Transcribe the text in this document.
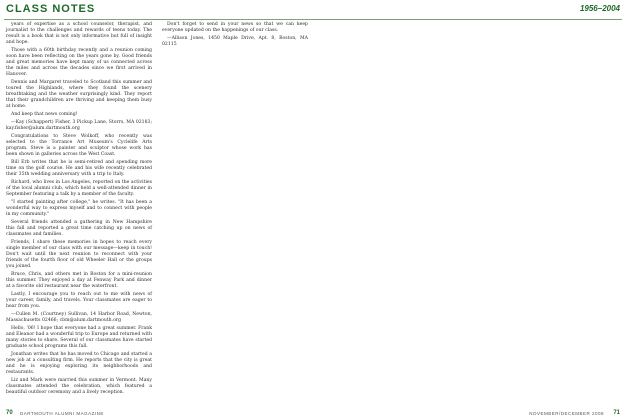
CLASS NOTES	1956–2004

years of expertise as a school counselor, therapist, and journalist to the challenges and rewards of teens today. The result is a book that is not only informative but full of insight and hope.

Those with a 60th birthday recently and a reunion coming soon have been reflecting on the years gone by. Good friends and great memories have kept many of us connected across the miles and across the decades since we first arrived in Hanover.

Dennis and Margaret traveled to Scotland this summer and toured the Highlands, where they found the scenery breathtaking and the weather surprisingly kind. They report that their grandchildren are thriving and keeping them busy at home.

And keep that news coming!

—Kay (Schappert) Fisher, 3 Pickup Lane, Storrs, MA 02183; kay.fisher@alum.dartmouth.org

Congratulations to Steve Wolkoff, who recently was selected to the Torrance Art Museum's Cyclelife Arts program. Steve is a painter and sculptor whose work has been shown in galleries across the West Coast.

Bill Erb writes that he is semi-retired and spending more time on the golf course. He and his wife recently celebrated their 35th wedding anniversary with a trip to Italy.

Richard, who lives in Los Angeles, reported on the activities of the local alumni club, which held a well-attended dinner in September featuring a talk by a member of the faculty.

"I started painting after college," he writes. "It has been a wonderful way to express myself and to connect with people in my community."

Several friends attended a gathering in New Hampshire this fall and reported a great time catching up on news of classmates and families.

Friends, I share these memories in hopes to reach every single member of our class with our message—keep in touch! Don't wait until the next reunion to reconnect with your friends of the fourth floor of old Wheeler Hall or the groups you joined.

Bruce, Chris, and others met in Boston for a mini-reunion this summer. They enjoyed a day at Fenway Park and dinner at a favorite old restaurant near the waterfront.

Lastly, I encourage you to reach out to me with news of your career, family, and travels. Your classmates are eager to hear from you.

—Cullen M. (Courtney) Sullivan, 14 Harbor Road, Newton, Massachusetts 02466; cbm@alum.dartmouth.org

Hello, '06! I hope that everyone had a great summer. Frank and Eleanor had a wonderful trip to Europe and returned with many stories to share. Several of our classmates have started graduate school programs this fall.

Jonathan writes that he has moved to Chicago and started a new job at a consulting firm. He reports that the city is great and he is enjoying exploring its neighborhoods and restaurants.

Liz and Mark were married this summer in Vermont. Many classmates attended the celebration, which featured a beautiful outdoor ceremony and a lively reception.

Don't forget to send in your news so that we can keep everyone updated on the happenings of our class.

—Allison Jones, 1450 Maple Drive, Apt. 8, Boston, MA 02115

70 DARTMOUTH ALUMNI MAGAZINE	NOVEMBER/DECEMBER 2008 71
